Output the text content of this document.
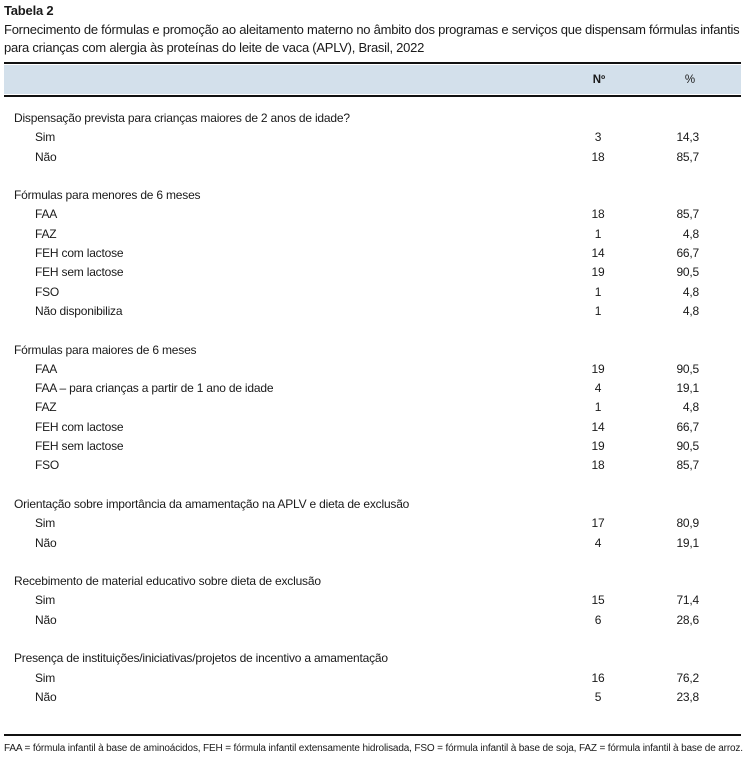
Tabela 2
Fornecimento de fórmulas e promoção ao aleitamento materno no âmbito dos programas e serviços que dispensam fórmulas infantis para crianças com alergia às proteínas do leite de vaca (APLV), Brasil, 2022
Nº	%
Dispensação prevista para crianças maiores de 2 anos de idade?
Sim	3	14,3
Não	18	85,7
Fórmulas para menores de 6 meses
FAA	18	85,7
FAZ	1	4,8
FEH com lactose	14	66,7
FEH sem lactose	19	90,5
FSO	1	4,8
Não disponibiliza	1	4,8
Fórmulas para maiores de 6 meses
FAA	19	90,5
FAA – para crianças a partir de 1 ano de idade	4	19,1
FAZ	1	4,8
FEH com lactose	14	66,7
FEH sem lactose	19	90,5
FSO	18	85,7
Orientação sobre importância da amamentação na APLV e dieta de exclusão
Sim	17	80,9
Não	4	19,1
Recebimento de material educativo sobre dieta de exclusão
Sim	15	71,4
Não	6	28,6
Presença de instituições/iniciativas/projetos de incentivo a amamentação
Sim	16	76,2
Não	5	23,8
FAA = fórmula infantil à base de aminoácidos, FEH = fórmula infantil extensamente hidrolisada, FSO = fórmula infantil à base de soja, FAZ = fórmula infantil à base de arroz.
